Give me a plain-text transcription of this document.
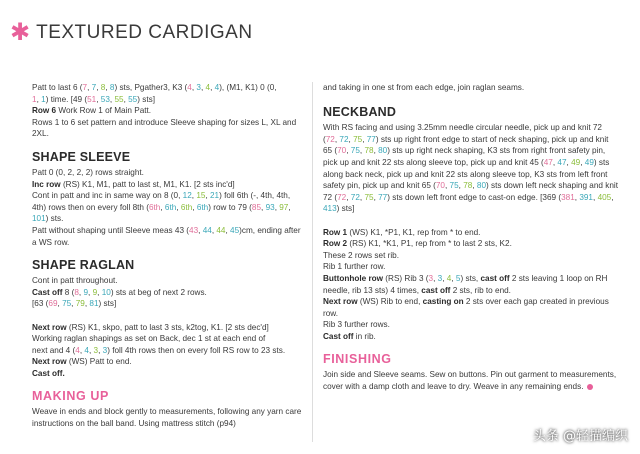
✱ TEXTURED CARDIGAN

Patt to last 6 (7, 7, 8, 8) sts, Pgather3, K3 (4, 3, 4, 4), (M1, K1) 0 (0,

1, 1) time. [49 (51, 53, 55, 55) sts]

Row 6 Work Row 1 of Main Patt.

Rows 1 to 6 set pattern and introduce Sleeve shaping for sizes L, XL and 2XL.

SHAPE SLEEVE

Patt 0 (0, 2, 2, 2) rows straight.

Inc row (RS) K1, M1, patt to last st, M1, K1. [2 sts inc'd]

Cont in patt and inc in same way on 8 (0, 12, 15, 21) foll 6th (-, 4th, 4th, 4th) rows then on every foll 8th (6th, 6th, 6th, 6th) row to 79 (85, 93, 97, 101) sts.

Patt without shaping until Sleeve meas 43 (43, 44, 44, 45)cm, ending after a WS row.

SHAPE RAGLAN

Cont in patt throughout.

Cast off 8 (8, 9, 9, 10) sts at beg of next 2 rows.

[63 (69, 75, 79, 81) sts]

Next row (RS) K1, skpo, patt to last 3 sts, k2tog, K1. [2 sts dec'd]

Working raglan shapings as set on Back, dec 1 st at each end of

next and 4 (4, 4, 3, 3) foll 4th rows then on every foll RS row to 23 sts.

Next row (WS) Patt to end.

Cast off.

MAKING UP

Weave in ends and block gently to measurements, following any yarn care instructions on the ball band. Using mattress stitch (p94)

and taking in one st from each edge, join raglan seams.

NECKBAND

With RS facing and using 3.25mm needle circular needle, pick up and knit 72 (72, 72, 75, 77) sts up right front edge to start of neck shaping, pick up and knit 65 (70, 75, 78, 80) sts up right neck shaping, K3 sts from right front safety pin, pick up and knit 22 sts along sleeve top, pick up and knit 45 (47, 47, 49, 49) sts along back neck, pick up and knit 22 sts along sleeve top, K3 sts from left front safety pin, pick up and knit 65 (70, 75, 78, 80) sts down left neck shaping and knit 72 (72, 72, 75, 77) sts down left front edge to cast-on edge. [369 (381, 391, 405, 413) sts]

Row 1 (WS) K1, *P1, K1, rep from * to end.

Row 2 (RS) K1, *K1, P1, rep from * to last 2 sts, K2.

These 2 rows set rib.

Rib 1 further row.

Buttonhole row (RS) Rib 3 (3, 3, 4, 5) sts, cast off 2 sts leaving 1 loop on RH needle, rib 13 sts) 4 times, cast off 2 sts, rib to end.

Next row (WS) Rib to end, casting on 2 sts over each gap created in previous row.

Rib 3 further rows.

Cast off in rib.

FINISHING

Join side and Sleeve seams. Sew on buttons. Pin out garment to measurements, cover with a damp cloth and leave to dry. Weave in any remaining ends.

头条 @轻描编织
